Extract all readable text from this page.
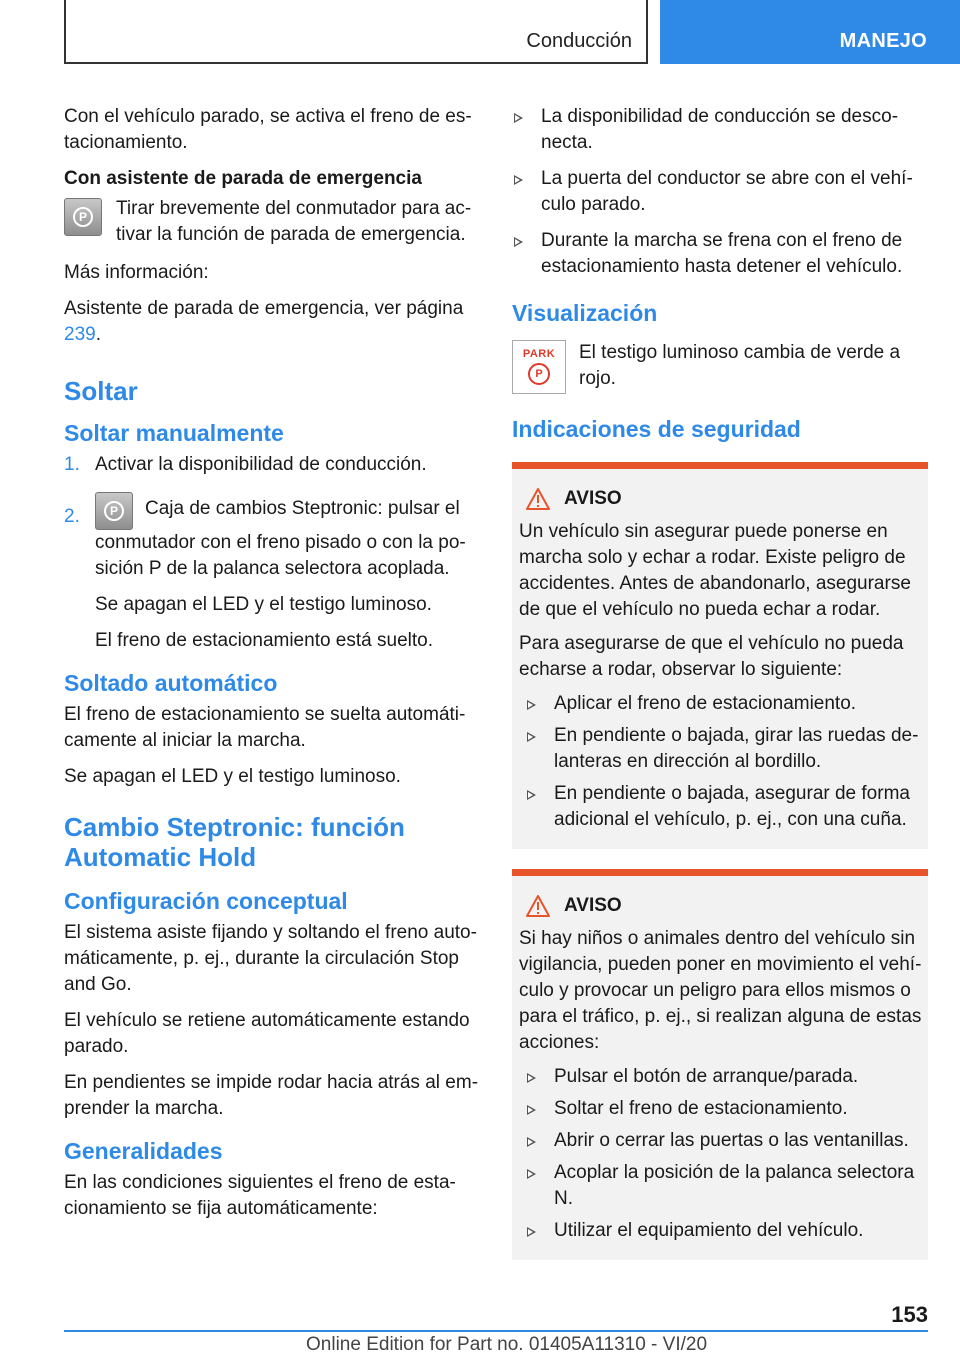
Conducción	MANEJO

Con el vehículo parado, se activa el freno de estacionamiento.

Con asistente de parada de emergencia

P	Tirar brevemente del conmutador para activar la función de parada de emergencia.

Más información:

Asistente de parada de emergencia, ver página 239.

Soltar
Soltar manualmente
1. Activar la disponibilidad de conducción.
2.	P	Caja de cambios Steptronic: pulsar el conmutador con el freno pisado o con la posición P de la palanca selectora acoplada.
Se apagan el LED y el testigo luminoso.
El freno de estacionamiento está suelto.
Soltado automático

El freno de estacionamiento se suelta automáticamente al iniciar la marcha.

Se apagan el LED y el testigo luminoso.

Cambio Steptronic: función Automatic Hold
Configuración conceptual

El sistema asiste fijando y soltando el freno automáticamente, p. ej., durante la circulación Stop and Go.

El vehículo se retiene automáticamente estando parado.

En pendientes se impide rodar hacia atrás al emprender la marcha.

Generalidades

En las condiciones siguientes el freno de estacionamiento se fija automáticamente:

La disponibilidad de conducción se desconecta.
La puerta del conductor se abre con el vehículo parado.
Durante la marcha se frena con el freno de estacionamiento hasta detener el vehículo.
Visualización
PARK
P

El testigo luminoso cambia de verde a rojo.

Indicaciones de seguridad
AVISO

Un vehículo sin asegurar puede ponerse en marcha solo y echar a rodar. Existe peligro de accidentes. Antes de abandonarlo, asegurarse de que el vehículo no pueda echar a rodar.

Para asegurarse de que el vehículo no pueda echarse a rodar, observar lo siguiente:

Aplicar el freno de estacionamiento.
En pendiente o bajada, girar las ruedas delanteras en dirección al bordillo.
En pendiente o bajada, asegurar de forma adicional el vehículo, p. ej., con una cuña.
AVISO

Si hay niños o animales dentro del vehículo sin vigilancia, pueden poner en movimiento el vehículo y provocar un peligro para ellos mismos o para el tráfico, p. ej., si realizan alguna de estas acciones:

Pulsar el botón de arranque/parada.
Soltar el freno de estacionamiento.
Abrir o cerrar las puertas o las ventanillas.
Acoplar la posición de la palanca selectora N.
Utilizar el equipamiento del vehículo.
153
Online Edition for Part no. 01405A11310 - VI/20
